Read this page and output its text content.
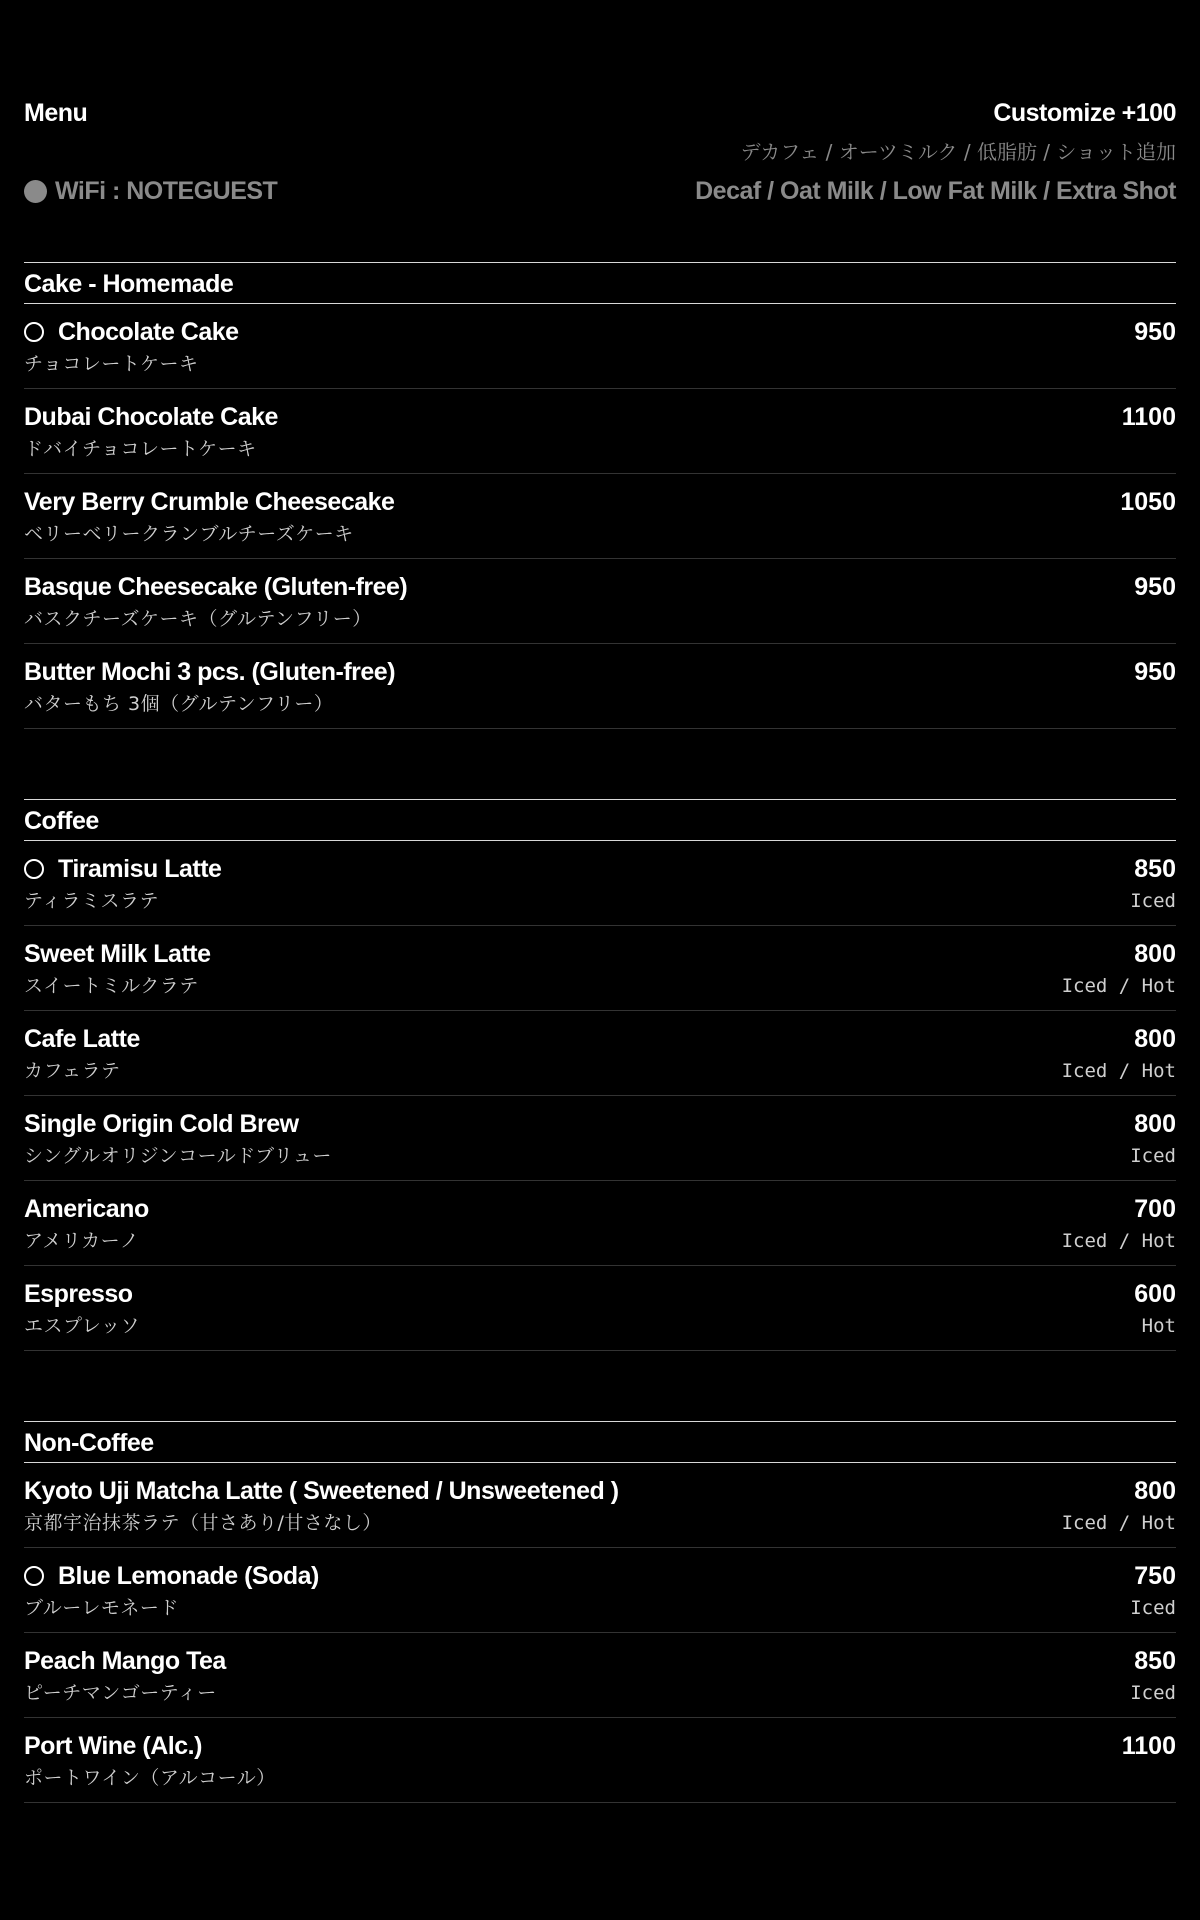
Menu
WiFi : NOTEGUEST
Customize +100
デカフェ / オーツミルク / 低脂肪 / ショット追加
Decaf / Oat Milk / Low Fat Milk / Extra Shot
Cake - Homemade
Chocolate Cake
チョコレートケーキ
950
Dubai Chocolate Cake
ドバイチョコレートケーキ
1100
Very Berry Crumble Cheesecake
ベリーベリークランブルチーズケーキ
1050
Basque Cheesecake (Gluten-free)
バスクチーズケーキ（グルテンフリー）
950
Butter Mochi 3 pcs. (Gluten-free)
バターもち 3個（グルテンフリー）
950
Coffee
Tiramisu Latte
ティラミスラテ
850
Iced
Sweet Milk Latte
スイートミルクラテ
800
Iced / Hot
Cafe Latte
カフェラテ
800
Iced / Hot
Single Origin Cold Brew
シングルオリジンコールドブリュー
800
Iced
Americano
アメリカーノ
700
Iced / Hot
Espresso
エスプレッソ
600
Hot
Non-Coffee
Kyoto Uji Matcha Latte ( Sweetened / Unsweetened )
京都宇治抹茶ラテ（甘さあり/甘さなし）
800
Iced / Hot
Blue Lemonade (Soda)
ブルーレモネード
750
Iced
Peach Mango Tea
ピーチマンゴーティー
850
Iced
Port Wine (Alc.)
ポートワイン（アルコール）
1100
